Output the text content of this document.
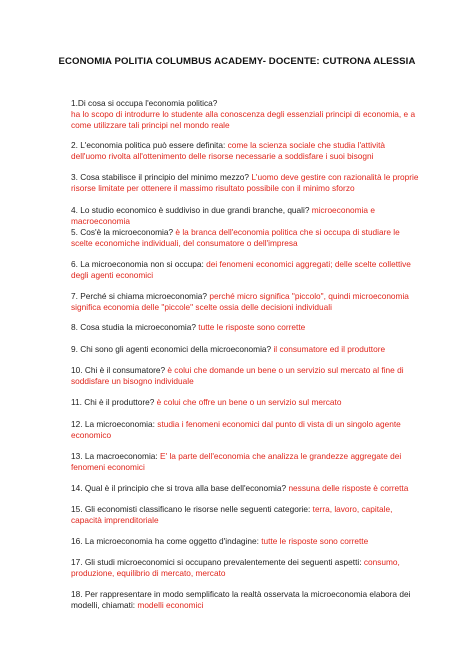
ECONOMIA POLITIA COLUMBUS ACADEMY- DOCENTE: CUTRONA ALESSIA
1.Di cosa si occupa l'economia politica?
ha lo scopo di introdurre lo studente alla conoscenza degli essenziali principi di economia, e a come utilizzare tali principi nel mondo reale
2. L'economia politica può essere definita: come la scienza sociale che studia l'attività dell'uomo rivolta all'ottenimento delle risorse necessarie a soddisfare i suoi bisogni
3. Cosa stabilisce il principio del minimo mezzo? L'uomo deve gestire con razionalità le proprie risorse limitate per ottenere il massimo risultato possibile con il minimo sforzo
4. Lo studio economico è suddiviso in due grandi branche, quali? microeconomia e macroeconomia
5. Cos'è la microeconomia? è la branca dell'economia politica che si occupa di studiare le scelte economiche individuali, del consumatore o dell'impresa
6. La microeconomia non si occupa: dei fenomeni economici aggregati; delle scelte collettive degli agenti economici
7. Perché si chiama microeconomia? perché micro significa "piccolo", quindi microeconomia significa economia delle "piccole" scelte ossia delle decisioni individuali
8. Cosa studia la microeconomia? tutte le risposte sono corrette
9. Chi sono gli agenti economici della microeconomia? il consumatore ed il produttore
10. Chi è il consumatore? è colui che domande un bene o un servizio sul mercato al fine di soddisfare un bisogno individuale
11. Chi è il produttore? è colui che offre un bene o un servizio sul mercato
12. La microeconomia: studia i fenomeni economici dal punto di vista di un singolo agente economico
13. La macroeconomia: E' la parte dell'economia che analizza le grandezze aggregate dei fenomeni economici
14. Qual è il principio che si trova alla base dell'economia? nessuna delle risposte è corretta
15. Gli economisti classificano le risorse nelle seguenti categorie: terra, lavoro, capitale, capacità imprenditoriale
16. La microeconomia ha come oggetto d'indagine: tutte le risposte sono corrette
17. Gli studi microeconomici si occupano prevalentemente dei seguenti aspetti: consumo, produzione, equilibrio di mercato, mercato
18. Per rappresentare in modo semplificato la realtà osservata la microeconomia elabora dei modelli, chiamati: modelli economici
